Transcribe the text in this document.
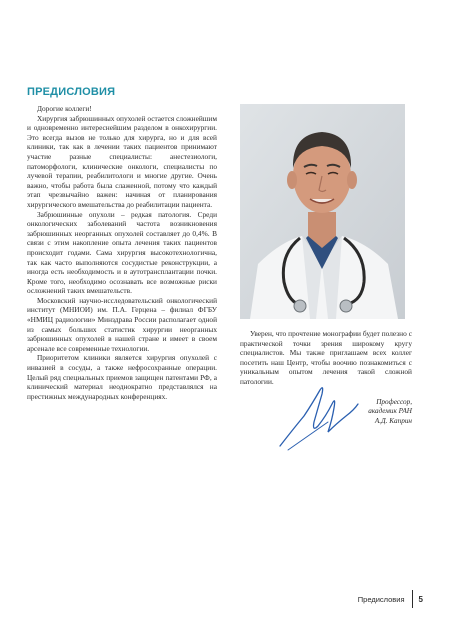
ПРЕДИСЛОВИЯ

Дорогие коллеги!

Хирургия забрюшинных опухолей остается сложнейшим и одновременно интереснейшим разделом в онкохирургии. Это всегда вызов не только для хирурга, но и для всей клиники, так как в лечении таких пациентов принимают участие разные специалисты: анестезиологи, патоморфологи, клинические онкологи, специалисты по лучевой терапии, реабилитологи и многие другие. Очень важно, чтобы работа была слаженной, потому что каждый этап чрезвычайно важен: начиная от планирования хирургического вмешательства до реабилитации пациента.

Забрюшинные опухоли – редкая патология. Среди онкологических заболеваний частота возникновения забрюшинных неорганных опухолей составляет до 0,4%. В связи с этим накопление опыта лечения таких пациентов происходит годами. Сама хирургия высокотехнологична, так как часто выполняются сосудистые реконструкции, а иногда есть необходимость и в аутотрансплантации почки. Кроме того, необходимо осознавать все возможные риски осложнений таких вмешательств.

Московский научно-исследовательский онкологический институт (МНИОИ) им. П.А. Герцена – филиал ФГБУ «НМИЦ радиологии» Минздрава России располагает одной из самых больших статистик хирургии неорганных забрюшинных опухолей в нашей стране и имеет в своем арсенале все современные технологии.

Приоритетом клиники является хирургия опухолей с инвазией в сосуды, а также нефросохранные операции. Целый ряд специальных приемов защищен патентами РФ, а клинический материал неоднократно представлялся на престижных международных конференциях.

Уверен, что прочтение монографии будет полезно с практической точки зрения широкому кругу специалистов. Мы также приглашаем всех коллег посетить наш Центр, чтобы воочию познакомиться с уникальным опытом лечения такой сложной патологии.

Профессор,
академик РАН
А.Д. Каприн
Предисловия 5
